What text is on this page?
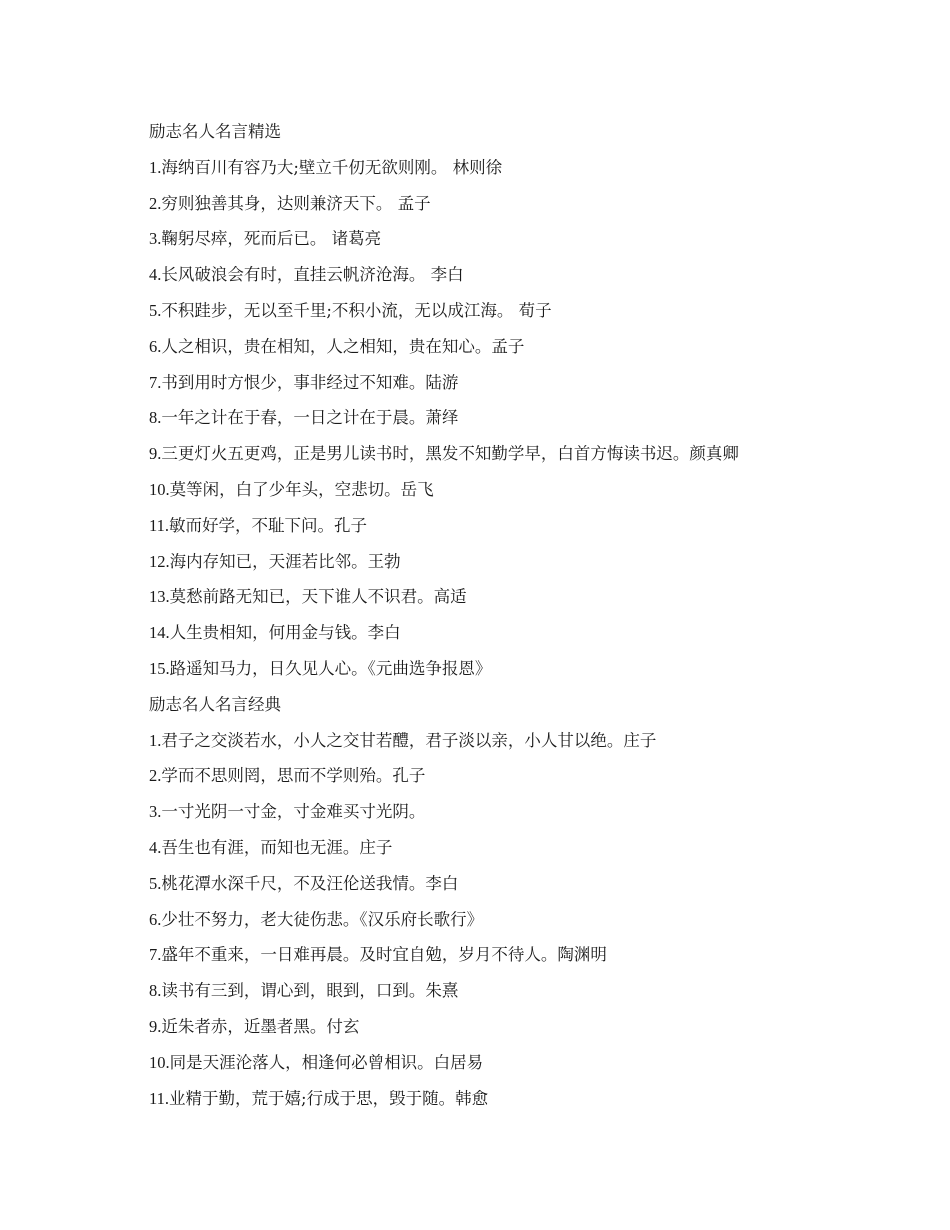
励志名人名言精选
1.海纳百川有容乃大;壁立千仞无欲则刚。 林则徐
2.穷则独善其身，达则兼济天下。 孟子
3.鞠躬尽瘁，死而后已。 诸葛亮
4.长风破浪会有时，直挂云帆济沧海。 李白
5.不积跬步，无以至千里;不积小流，无以成江海。 荀子
6.人之相识，贵在相知，人之相知，贵在知心。孟子
7.书到用时方恨少，事非经过不知难。陆游
8.一年之计在于春，一日之计在于晨。萧绎
9.三更灯火五更鸡，正是男儿读书时，黑发不知勤学早，白首方悔读书迟。颜真卿
10.莫等闲，白了少年头，空悲切。岳飞
11.敏而好学，不耻下问。孔子
12.海内存知已，天涯若比邻。王勃
13.莫愁前路无知已，天下谁人不识君。高适
14.人生贵相知，何用金与钱。李白
15.路遥知马力，日久见人心。《元曲选争报恩》
励志名人名言经典
1.君子之交淡若水，小人之交甘若醴，君子淡以亲，小人甘以绝。庄子
2.学而不思则罔，思而不学则殆。孔子
3.一寸光阴一寸金，寸金难买寸光阴。
4.吾生也有涯，而知也无涯。庄子
5.桃花潭水深千尺，不及汪伦送我情。李白
6.少壮不努力，老大徒伤悲。《汉乐府长歌行》
7.盛年不重来，一日难再晨。及时宜自勉，岁月不待人。陶渊明
8.读书有三到，谓心到，眼到，口到。朱熹
9.近朱者赤，近墨者黑。付玄
10.同是天涯沦落人，相逢何必曾相识。白居易
11.业精于勤，荒于嬉;行成于思，毁于随。韩愈
